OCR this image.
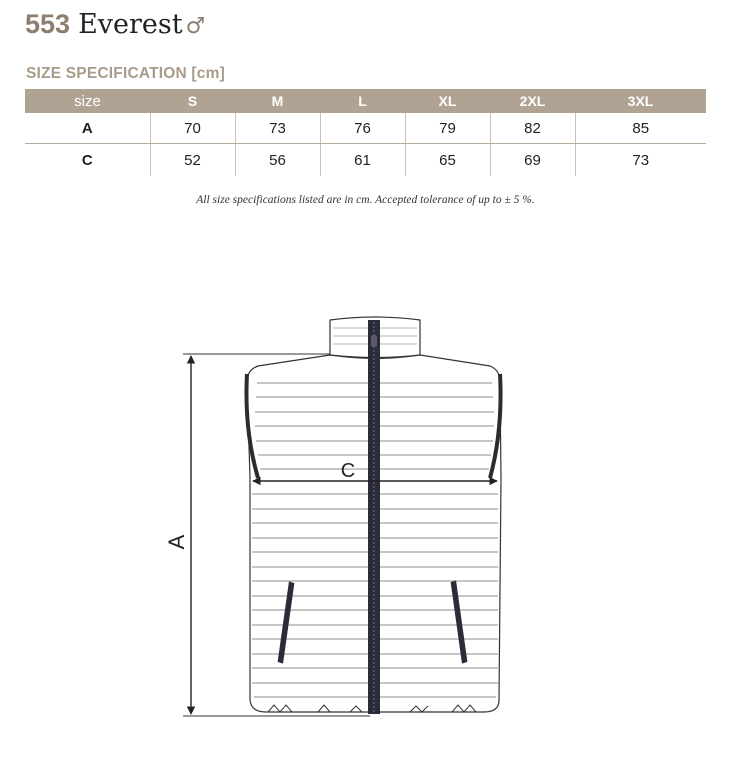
553 Everest ♂
SIZE SPECIFICATION [cm]
size	S	M	L	XL	2XL	3XL
A	70	73	76	79	82	85
C	52	56	61	65	69	73
All size specifications listed are in cm. Accepted tolerance of up to ± 5 %.
A
C
